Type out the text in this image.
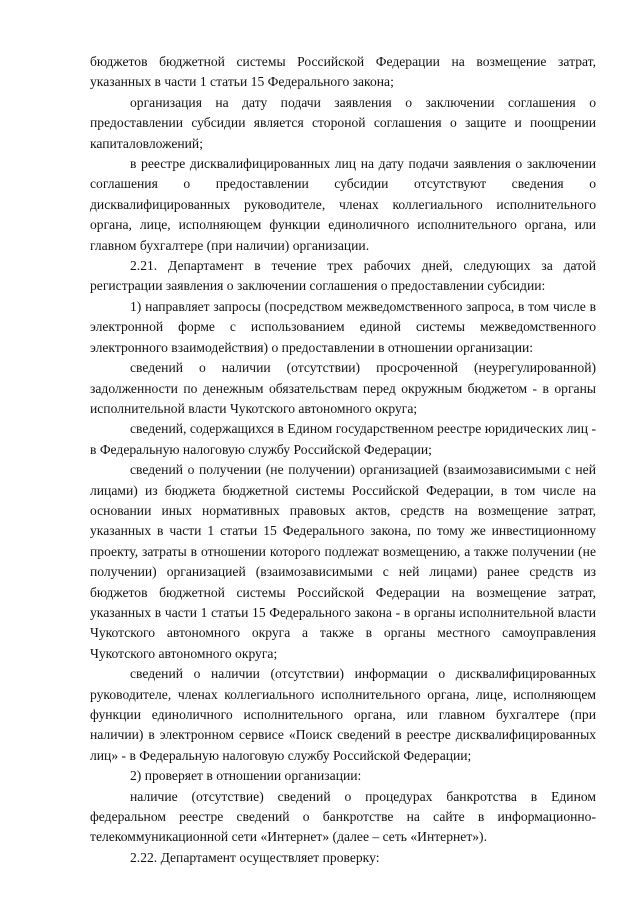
бюджетов бюджетной системы Российской Федерации на возмещение затрат, указанных в части 1 статьи 15 Федерального закона;

организация на дату подачи заявления о заключении соглашения о предоставлении субсидии является стороной соглашения о защите и поощрении капиталовложений;

в реестре дисквалифицированных лиц на дату подачи заявления о заключении соглашения о предоставлении субсидии отсутствуют сведения о дисквалифицированных руководителе, членах коллегиального исполнительного органа, лице, исполняющем функции единоличного исполнительного органа, или главном бухгалтере (при наличии) организации.

2.21. Департамент в течение трех рабочих дней, следующих за датой регистрации заявления о заключении соглашения о предоставлении субсидии:

1) направляет запросы (посредством межведомственного запроса, в том числе в электронной форме с использованием единой системы межведомственного электронного взаимодействия) о предоставлении в отношении организации:

сведений о наличии (отсутствии) просроченной (неурегулированной) задолженности по денежным обязательствам перед окружным бюджетом - в органы исполнительной власти Чукотского автономного округа;

сведений, содержащихся в Едином государственном реестре юридических лиц - в Федеральную налоговую службу Российской Федерации;

сведений о получении (не получении) организацией (взаимозависимыми с ней лицами) из бюджета бюджетной системы Российской Федерации, в том числе на основании иных нормативных правовых актов, средств на возмещение затрат, указанных в части 1 статьи 15 Федерального закона, по тому же инвестиционному проекту, затраты в отношении которого подлежат возмещению, а также получении (не получении) организацией (взаимозависимыми с ней лицами) ранее средств из бюджетов бюджетной системы Российской Федерации на возмещение затрат, указанных в части 1 статьи 15 Федерального закона - в органы исполнительной власти Чукотского автономного округа а также в органы местного самоуправления Чукотского автономного округа;

сведений о наличии (отсутствии) информации о дисквалифицированных руководителе, членах коллегиального исполнительного органа, лице, исполняющем функции единоличного исполнительного органа, или главном бухгалтере (при наличии) в электронном сервисе «Поиск сведений в реестре дисквалифицированных лиц» - в Федеральную налоговую службу Российской Федерации;

2) проверяет в отношении организации:

наличие (отсутствие) сведений о процедурах банкротства в Едином федеральном реестре сведений о банкротстве на сайте в информационно-телекоммуникационной сети «Интернет» (далее – сеть «Интернет»).

2.22. Департамент осуществляет проверку:
